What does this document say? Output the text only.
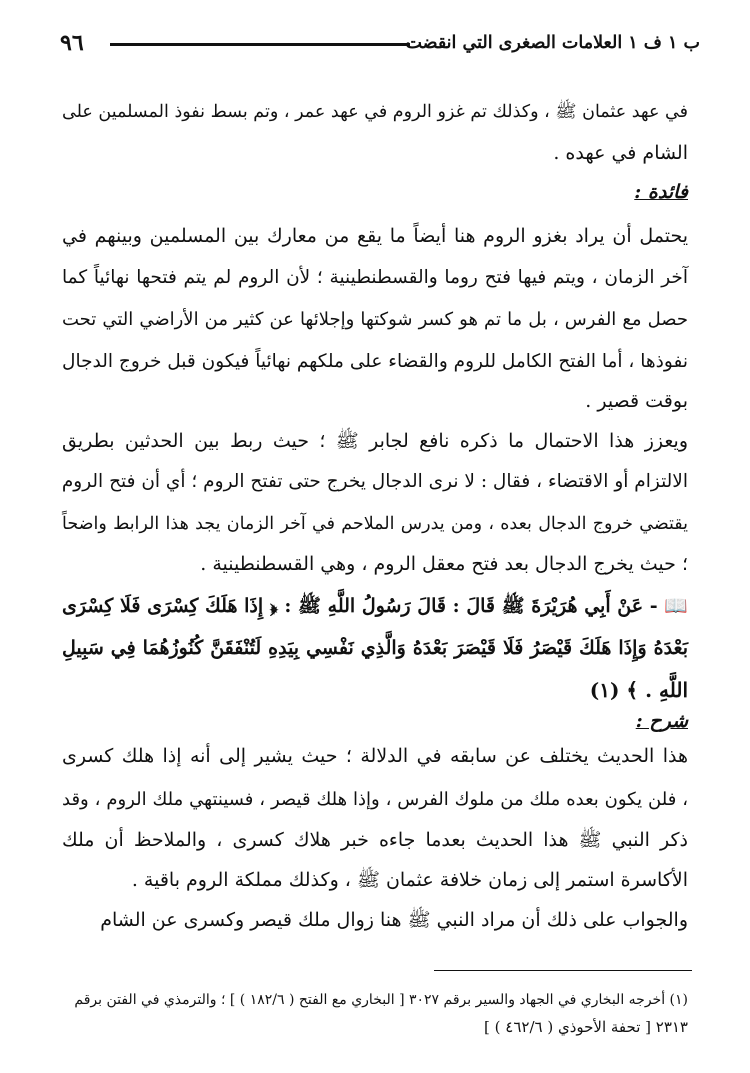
٩٦	ب ١ ف ١ العلامات الصغرى التي انقضت
في عهد عثمان ﷺ ، وكذلك تم غزو الروم في عهد عمر ، وتم بسط نفوذ المسلمين على
الشام في عهده .
فائدة :
يحتمل أن يراد بغزو الروم هنا أيضاً ما يقع من معارك بين المسلمين وبينهم في
آخر الزمان ، ويتم فيها فتح روما والقسطنطينية ؛ لأن الروم لم يتم فتحها نهائياً كما
حصل مع الفرس ، بل ما تم هو كسر شوكتها وإجلائها عن كثير من الأراضي التي تحت
نفوذها ، أما الفتح الكامل للروم والقضاء على ملكهم نهائياً فيكون قبل خروج الدجال
بوقت قصير .
ويعزز هذا الاحتمال ما ذكره نافع لجابر ﷺ ؛ حيث ربط بين الحدثين بطريق
الالتزام أو الاقتضاء ، فقال : لا نرى الدجال يخرج حتى تفتح الروم ؛ أي أن فتح الروم
يقتضي خروج الدجال بعده ، ومن يدرس الملاحم في آخر الزمان يجد هذا الرابط واضحاً
؛ حيث يخرج الدجال بعد فتح معقل الروم ، وهي القسطنطينية .
📖 - عَنْ أَبِي هُرَيْرَةَ ﷺ قَالَ : قَالَ رَسُولُ اللَّهِ ﷺ : ﴿ إِذَا هَلَكَ كِسْرَى فَلَا كِسْرَى
بَعْدَهُ وَإِذَا هَلَكَ قَيْصَرُ فَلَا قَيْصَرَ بَعْدَهُ وَالَّذِي نَفْسِي بِيَدِهِ لَتُنْفَقَنَّ كُنُوزُهُمَا فِي سَبِيلِ
اللَّهِ . ﴾ (١)
شرح :
هذا الحديث يختلف عن سابقه في الدلالة ؛ حيث يشير إلى أنه إذا هلك كسرى
، فلن يكون بعده ملك من ملوك الفرس ، وإذا هلك قيصر ، فسينتهي ملك الروم ، وقد
ذكر النبي ﷺ هذا الحديث بعدما جاءه خبر هلاك كسرى ، والملاحظ أن ملك
الأكاسرة استمر إلى زمان خلافة عثمان ﷺ ، وكذلك مملكة الروم باقية .
والجواب على ذلك أن مراد النبي ﷺ هنا زوال ملك قيصر وكسرى عن الشام
(١) أخرجه البخاري في الجهاد والسير برقم ٣٠٢٧ [ البخاري مع الفتح ( ١٨٢/٦ ) ] ؛ والترمذي في الفتن برقم
٢٣١٣ [ تحفة الأحوذي ( ٤٦٢/٦ ) ]
